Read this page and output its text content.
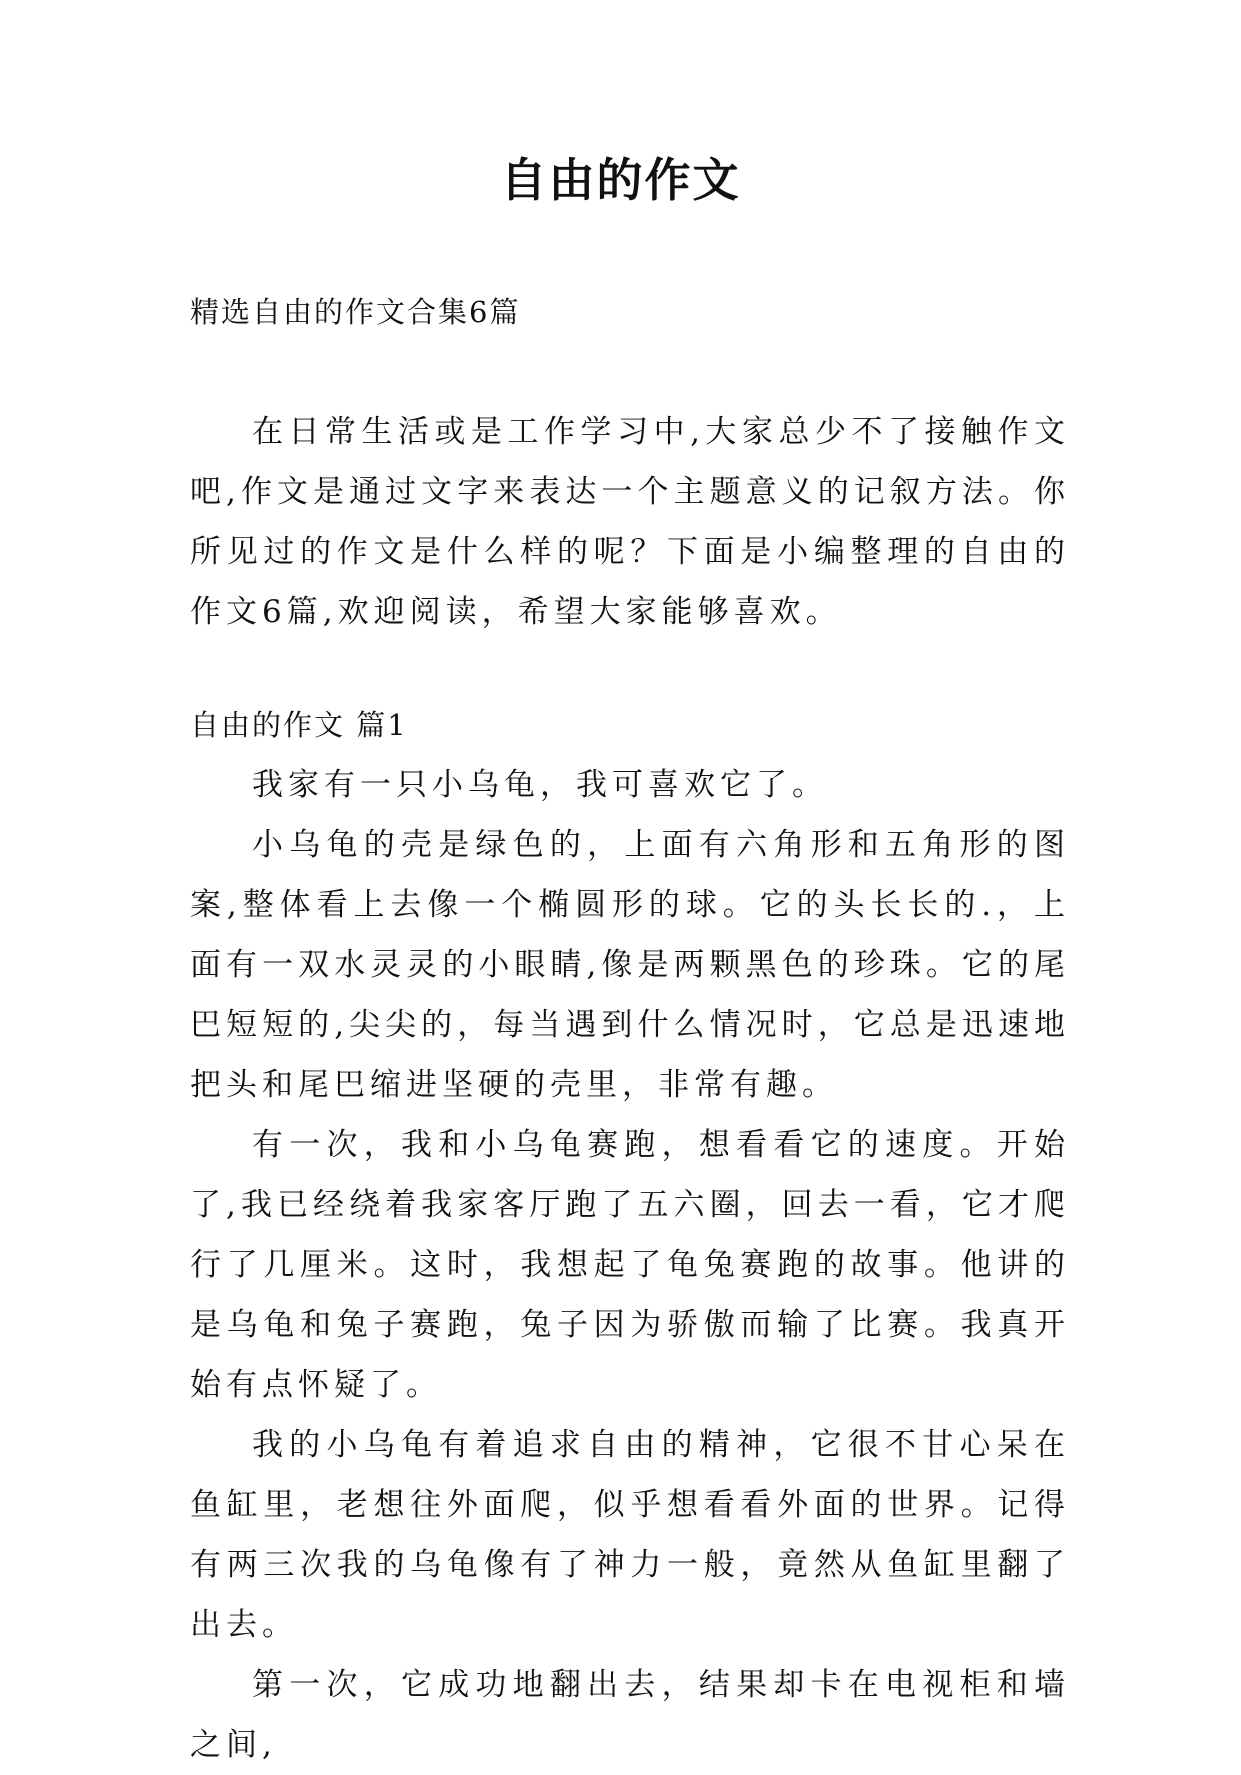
自由的作文
精选自由的作文合集6篇

在日常生活或是工作学习中,大家总少不了接触作文吧,作文是通过文字来表达一个主题意义的记叙方法。你所见过的作文是什么样的呢？下面是小编整理的自由的作文6篇,欢迎阅读，希望大家能够喜欢。

自由的作文 篇1

我家有一只小乌龟，我可喜欢它了。

小乌龟的壳是绿色的，上面有六角形和五角形的图案,整体看上去像一个椭圆形的球。它的头长长的.，上面有一双水灵灵的小眼睛,像是两颗黑色的珍珠。它的尾巴短短的,尖尖的，每当遇到什么情况时，它总是迅速地把头和尾巴缩进坚硬的壳里，非常有趣。

有一次，我和小乌龟赛跑，想看看它的速度。开始了,我已经绕着我家客厅跑了五六圈，回去一看，它才爬行了几厘米。这时，我想起了龟兔赛跑的故事。他讲的是乌龟和兔子赛跑，兔子因为骄傲而输了比赛。我真开始有点怀疑了。

我的小乌龟有着追求自由的精神，它很不甘心呆在鱼缸里，老想往外面爬，似乎想看看外面的世界。记得有两三次我的乌龟像有了神力一般，竟然从鱼缸里翻了出去。

第一次，它成功地翻出去，结果却卡在电视柜和墙之间,
